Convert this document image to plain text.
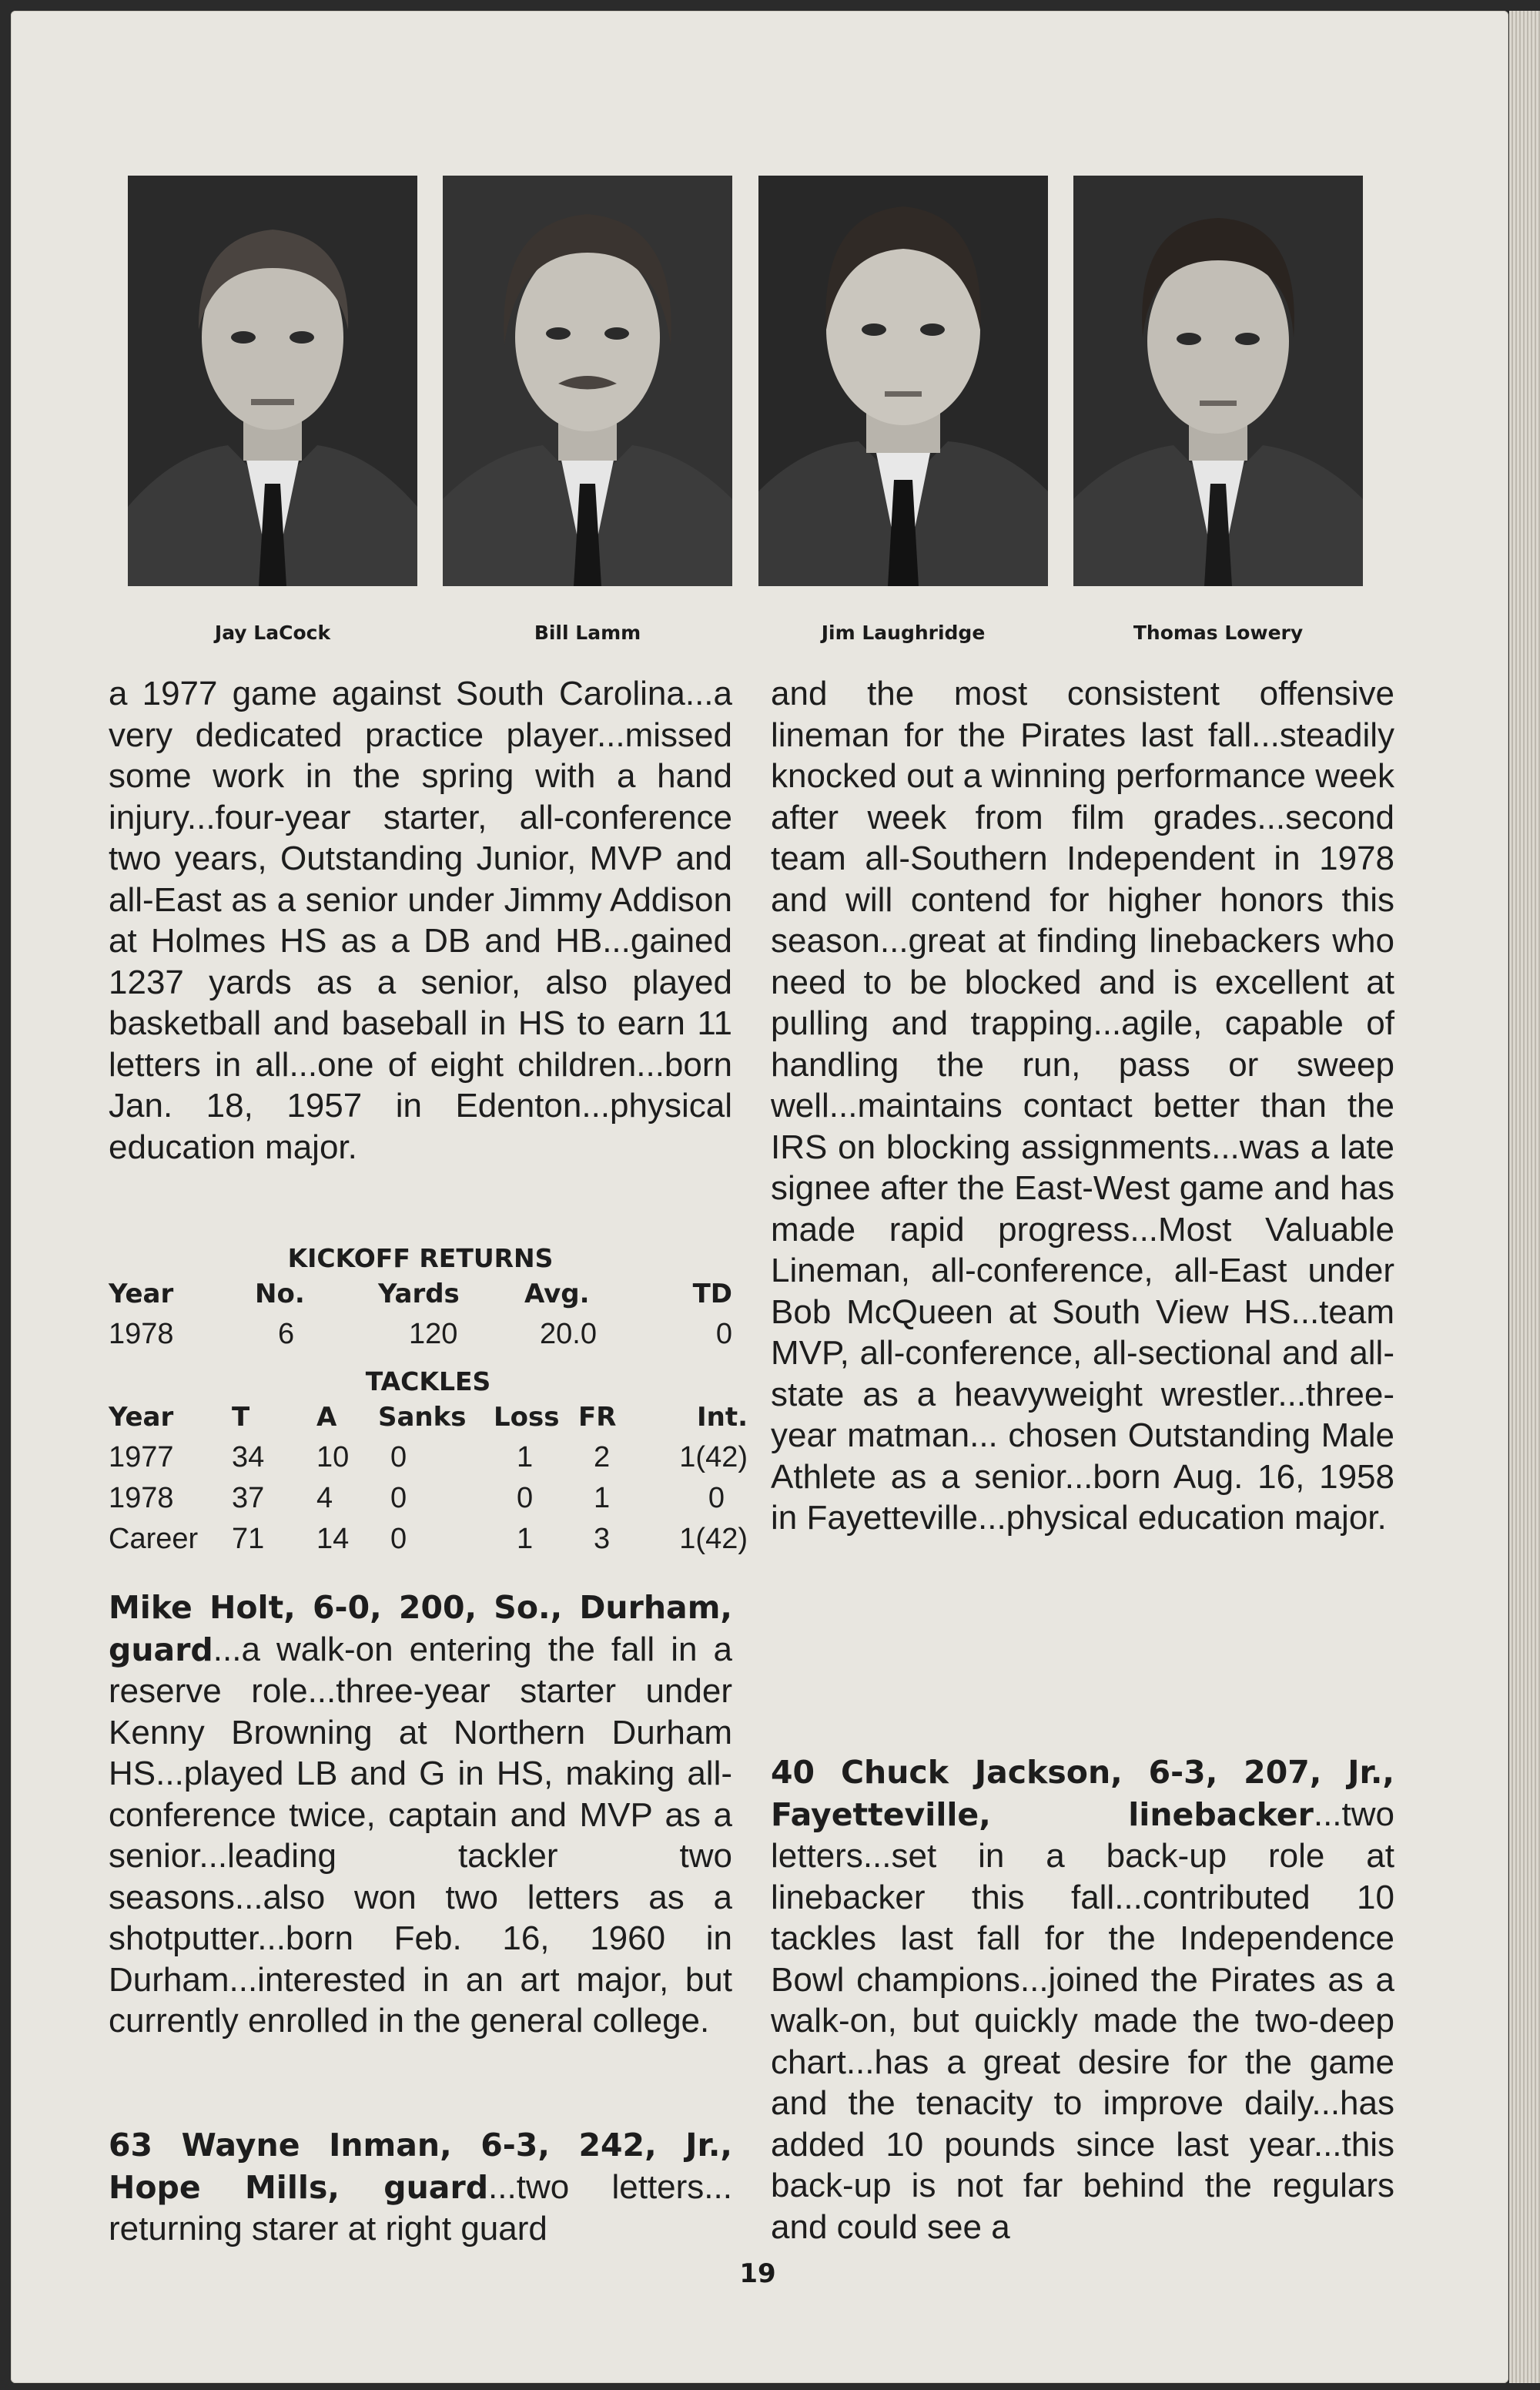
Jay LaCock	Bill Lamm	Jim Laughridge	Thomas Lowery

a 1977 game against South Carolina...a very dedicated practice player...missed some work in the spring with a hand injury...four-year starter, all-conference two years, Outstanding Junior, MVP and all-East as a senior under Jimmy Addison at Holmes HS as a DB and HB...gained 1237 yards as a senior, also played basketball and baseball in HS to earn 11 letters in all...one of eight children...born Jan. 18, 1957 in Edenton...physical education major.

KICKOFF RETURNS
Year	No.	Yards	Avg.	TD
1978	6	120	20.0	0
TACKLES
Year	T	A	Sanks	Loss	FR	Int.
1977	34	10	0	1	2	1(42)
1978	37	4	0	0	1	0
Career	71	14	0	1	3	1(42)

Mike Holt, 6-0, 200, So., Durham, guard...a walk-on entering the fall in a reserve role...three-year starter under Kenny Browning at Northern Durham HS...played LB and G in HS, making all-conference twice, captain and MVP as a senior...leading tackler two seasons...also won two letters as a shotputter...born Feb. 16, 1960 in Durham...interested in an art major, but currently enrolled in the general college.

63 Wayne Inman, 6-3, 242, Jr., Hope Mills, guard...two letters... returning starer at right guard

and the most consistent offensive lineman for the Pirates last fall...steadily knocked out a winning performance week after week from film grades...second team all-Southern Independent in 1978 and will contend for higher honors this season...great at finding linebackers who need to be blocked and is excellent at pulling and trapping...agile, capable of handling the run, pass or sweep well...maintains contact better than the IRS on blocking assignments...was a late signee after the East-West game and has made rapid progress...Most Valuable Lineman, all-conference, all-East under Bob McQueen at South View HS...team MVP, all-conference, all-sectional and all-state as a heavyweight wrestler...three-year matman... chosen Outstanding Male Athlete as a senior...born Aug. 16, 1958 in Fayetteville...physical education major.

40 Chuck Jackson, 6-3, 207, Jr., Fayetteville, linebacker...two letters...set in a back-up role at linebacker this fall...contributed 10 tackles last fall for the Independence Bowl champions...joined the Pirates as a walk-on, but quickly made the two-deep chart...has a great desire for the game and the tenacity to improve daily...has added 10 pounds since last year...this back-up is not far behind the regulars and could see a

19
